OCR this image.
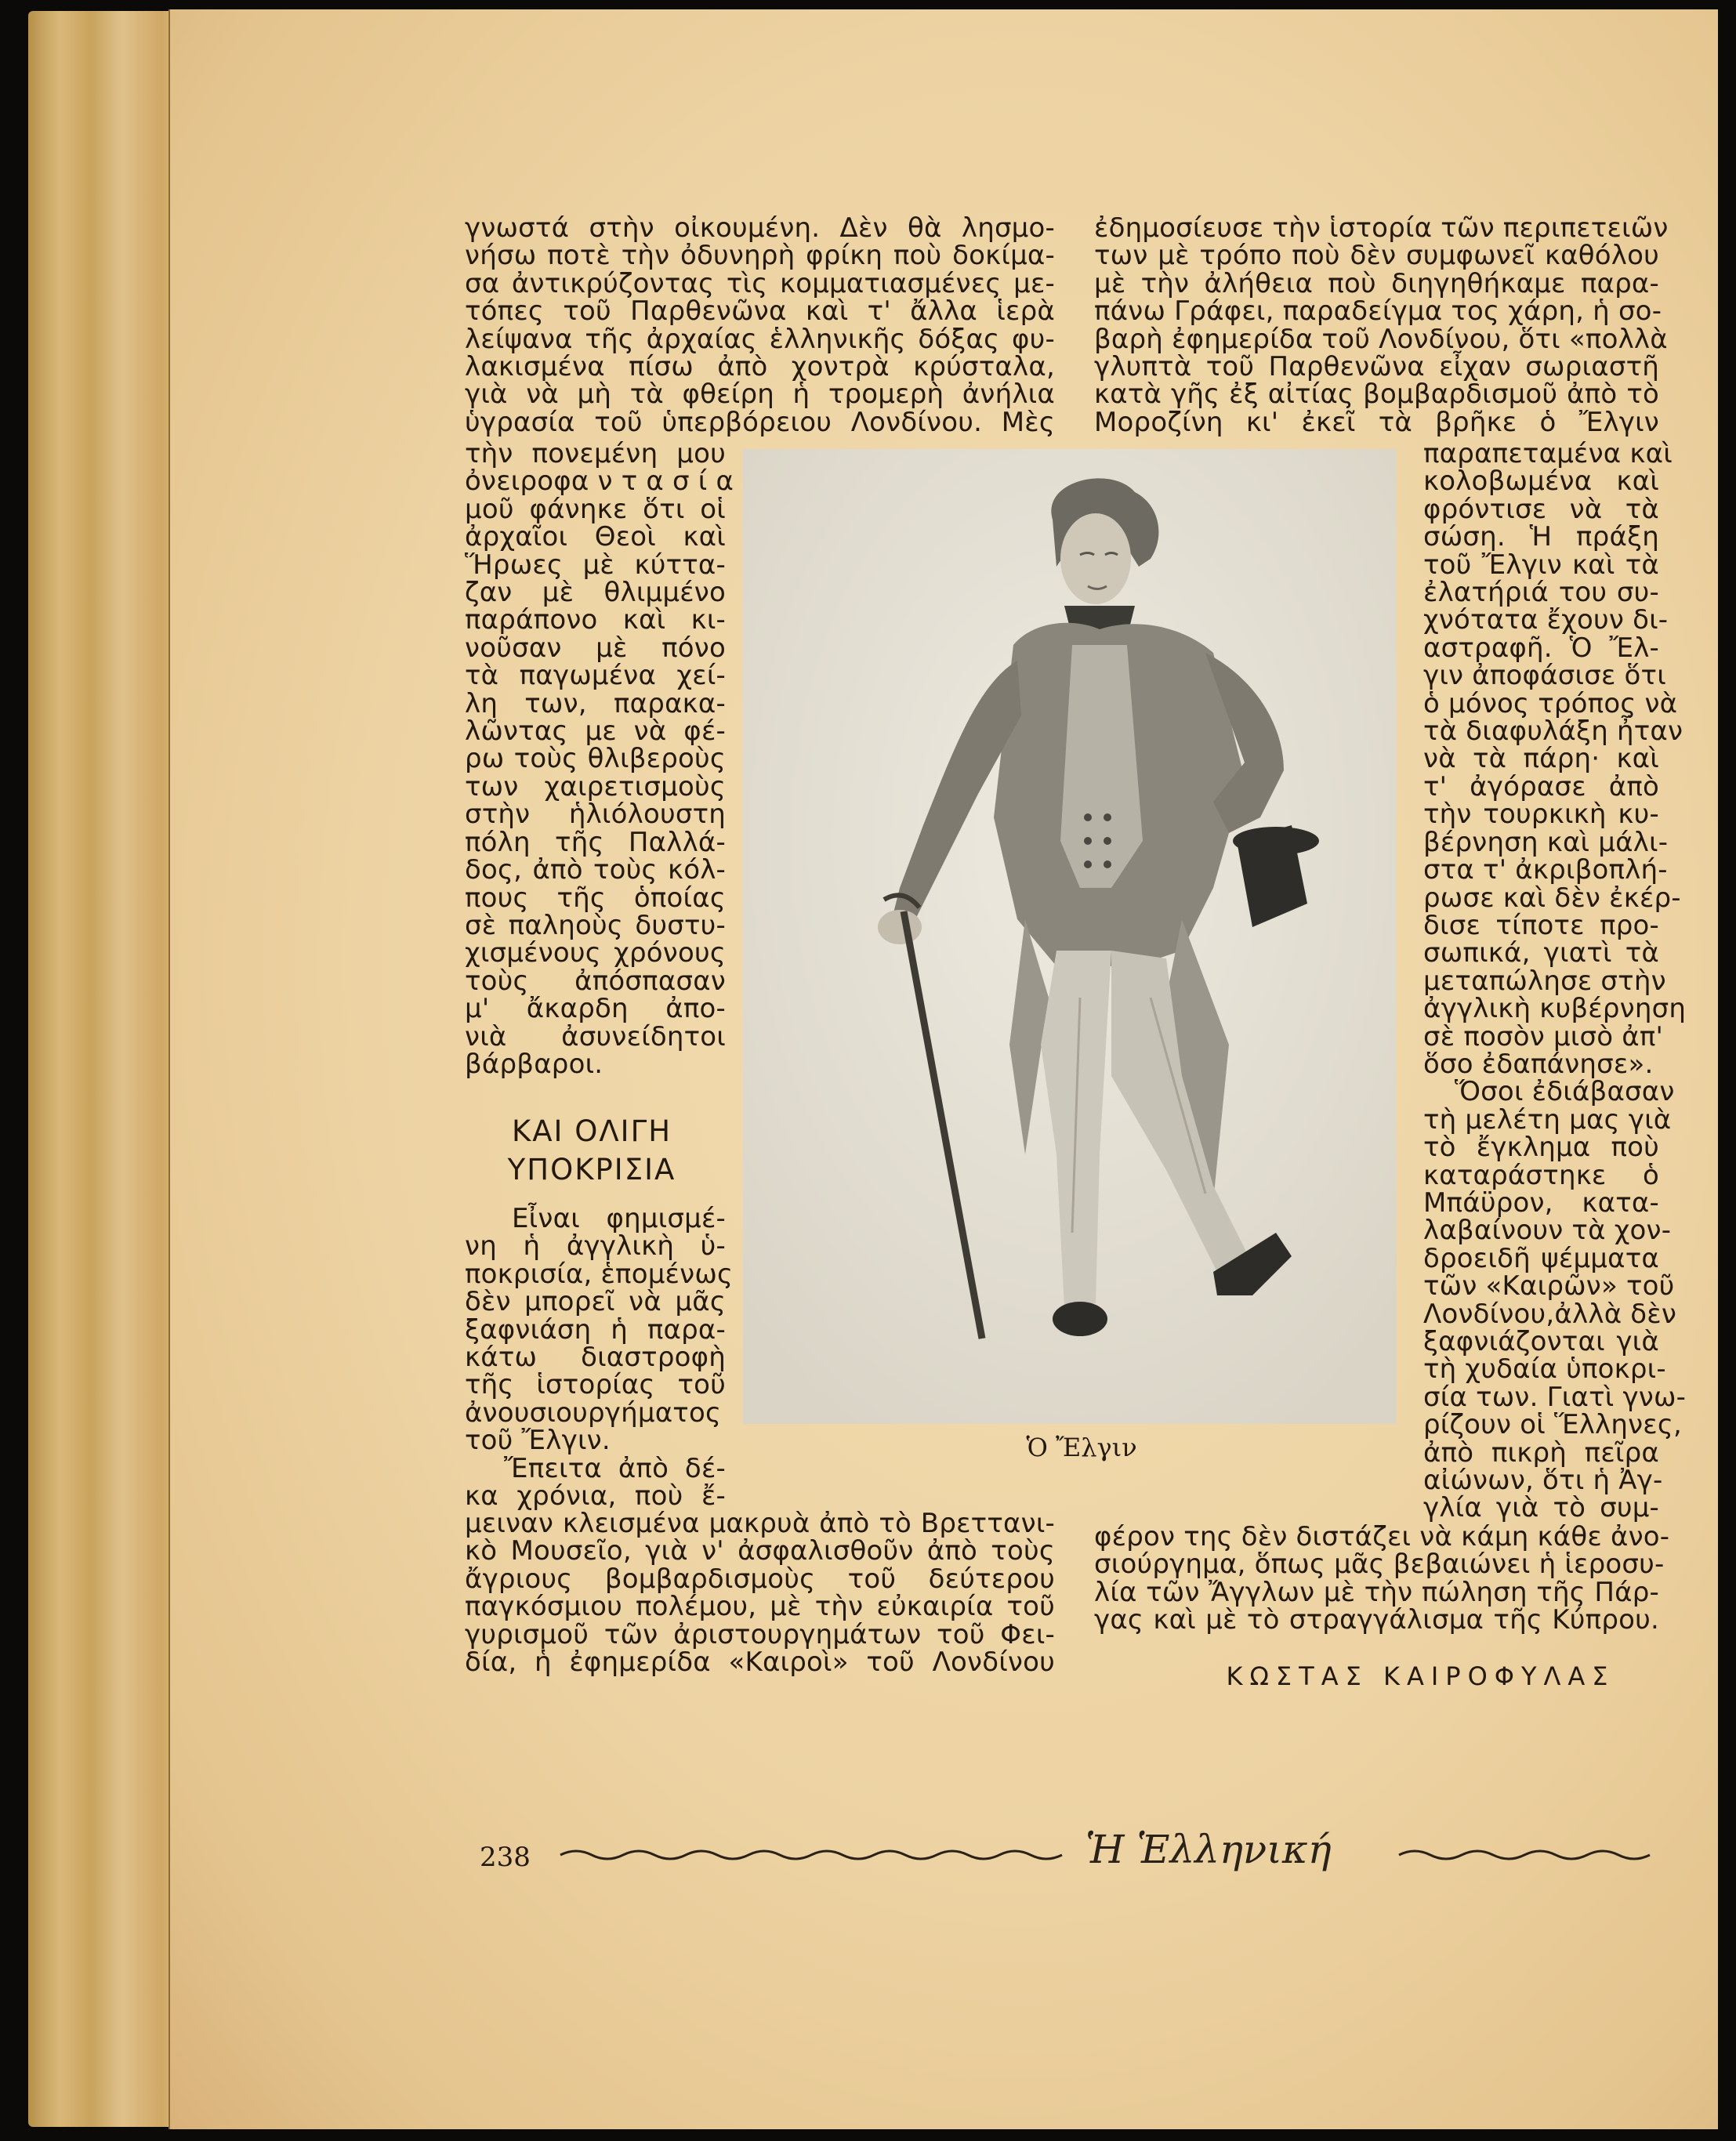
γνωστά στὴν οἰκουμένη. Δὲν θὰ λησμο-
νήσω ποτὲ τὴν ὀδυνηρὴ φρίκη ποὺ δοκίμα-
σα ἀντικρύζοντας τὶς κομματιασμένες με-
τόπες τοῦ Παρθενῶνα καὶ τ' ἄλλα ἱερὰ
λείψανα τῆς ἀρχαίας ἑλληνικῆς δόξας φυ-
λακισμένα πίσω ἀπὸ χοντρὰ κρύσταλα,
γιὰ νὰ μὴ τὰ φθείρη ἡ τρομερὴ ἀνήλια
ὑγρασία τοῦ ὑπερβόρειου Λονδίνου. Μὲς
τὴν πονεμένη μου
ὀνειροφα ν τ α σ ί α
μοῦ φάνηκε ὅτι οἱ
ἀρχαῖοι Θεοὶ καὶ
Ἥρωες μὲ κύττα-
ζαν μὲ θλιμμένο
παράπονο καὶ κι-
νοῦσαν μὲ πόνο
τὰ παγωμένα χεί-
λη των, παρακα-
λῶντας με νὰ φέ-
ρω τοὺς θλιβεροὺς
των χαιρετισμοὺς
στὴν ἡλιόλουστη
πόλη τῆς Παλλά-
δος, ἀπὸ τοὺς κόλ-
πους τῆς ὁποίας
σὲ παληοὺς δυστυ-
χισμένους χρόνους
τοὺς ἀπόσπασαν
μ' ἄκαρδη ἀπο-
νιὰ ἀσυνείδητοι
βάρβαροι.
ΚΑΙ ΟΛΙΓΗ
ΥΠΟΚΡΙΣΙΑ
Εἶναι φημισμέ-
νη ἡ ἀγγλικὴ ὑ-
ποκρισία, ἑπομένως
δὲν μπορεῖ νὰ μᾶς
ξαφνιάση ἡ παρα-
κάτω διαστροφὴ
τῆς ἱστορίας τοῦ
ἀνουσιουργήματος
τοῦ Ἔλγιν.
Ἔπειτα ἀπὸ δέ-
κα χρόνια, ποὺ ἔ-
μειναν κλεισμένα μακρυὰ ἀπὸ τὸ Βρεττανι-
κὸ Μουσεῖο, γιὰ ν' ἀσφαλισθοῦν ἀπὸ τοὺς
ἄγριους βομβαρδισμοὺς τοῦ δεύτερου
παγκόσμιου πολέμου, μὲ τὴν εὐκαιρία τοῦ
γυρισμοῦ τῶν ἀριστουργημάτων τοῦ Φει-
δία, ἡ ἐφημερίδα «Καιροὶ» τοῦ Λονδίνου
ἐδημοσίευσε τὴν ἱστορία τῶν περιπετειῶν
των μὲ τρόπο ποὺ δὲν συμφωνεῖ καθόλου
μὲ τὴν ἀλήθεια ποὺ διηγηθήκαμε παρα-
πάνω Γράφει, παραδείγμα τος χάρη, ἡ σο-
βαρὴ ἐφημερίδα τοῦ Λονδίνου, ὅτι «πολλὰ
γλυπτὰ τοῦ Παρθενῶνα εἶχαν σωριαστῆ
κατὰ γῆς ἐξ αἰτίας βομβαρδισμοῦ ἀπὸ τὸ
Μοροζίνη κι' ἐκεῖ τὰ βρῆκε ὁ Ἔλγιν
παραπεταμένα καὶ
κολοβωμένα καὶ
φρόντισε νὰ τὰ
σώση. Ἡ πράξη
τοῦ Ἔλγιν καὶ τὰ
ἐλατήριά του συ-
χνότατα ἔχουν δι-
αστραφῆ. Ὁ Ἔλ-
γιν ἀποφάσισε ὅτι
ὁ μόνος τρόπος νὰ
τὰ διαφυλάξη ἦταν
νὰ τὰ πάρη· καὶ
τ' ἀγόρασε ἀπὸ
τὴν τουρκικὴ κυ-
βέρνηση καὶ μάλι-
στα τ' ἀκριβοπλή-
ρωσε καὶ δὲν ἐκέρ-
δισε τίποτε προ-
σωπικά, γιατὶ τὰ
μεταπώλησε στὴν
ἀγγλικὴ κυβέρνηση
σὲ ποσὸν μισὸ ἀπ'
ὅσο ἐδαπάνησε».
Ὅσοι ἐδιάβασαν
τὴ μελέτη μας γιὰ
τὸ ἔγκλημα ποὺ
καταράστηκε ὁ
Μπάϋρον, κατα-
λαβαίνουν τὰ χον-
δροειδῆ ψέμματα
τῶν «Καιρῶν» τοῦ
Λονδίνου,ἀλλὰ δὲν
ξαφνιάζονται γιὰ
τὴ χυδαία ὑποκρι-
σία των. Γιατὶ γνω-
ρίζουν οἱ Ἕλληνες,
ἀπὸ πικρὴ πεῖρα
αἰώνων, ὅτι ἡ Ἀγ-
γλία γιὰ τὸ συμ-
φέρον της δὲν διστάζει νὰ κάμη κάθε ἀνο-
σιούργημα, ὅπως μᾶς βεβαιώνει ἡ ἱεροσυ-
λία τῶν Ἄγγλων μὲ τὴν πώληση τῆς Πάρ-
γας καὶ μὲ τὸ στραγγάλισμα τῆς Κύπρου.
ΚΩΣΤΑΣ ΚΑΙΡΟΦΥΛΑΣ
Ὁ Ἔλγιν
238	Ἡ Ἑλληνική
